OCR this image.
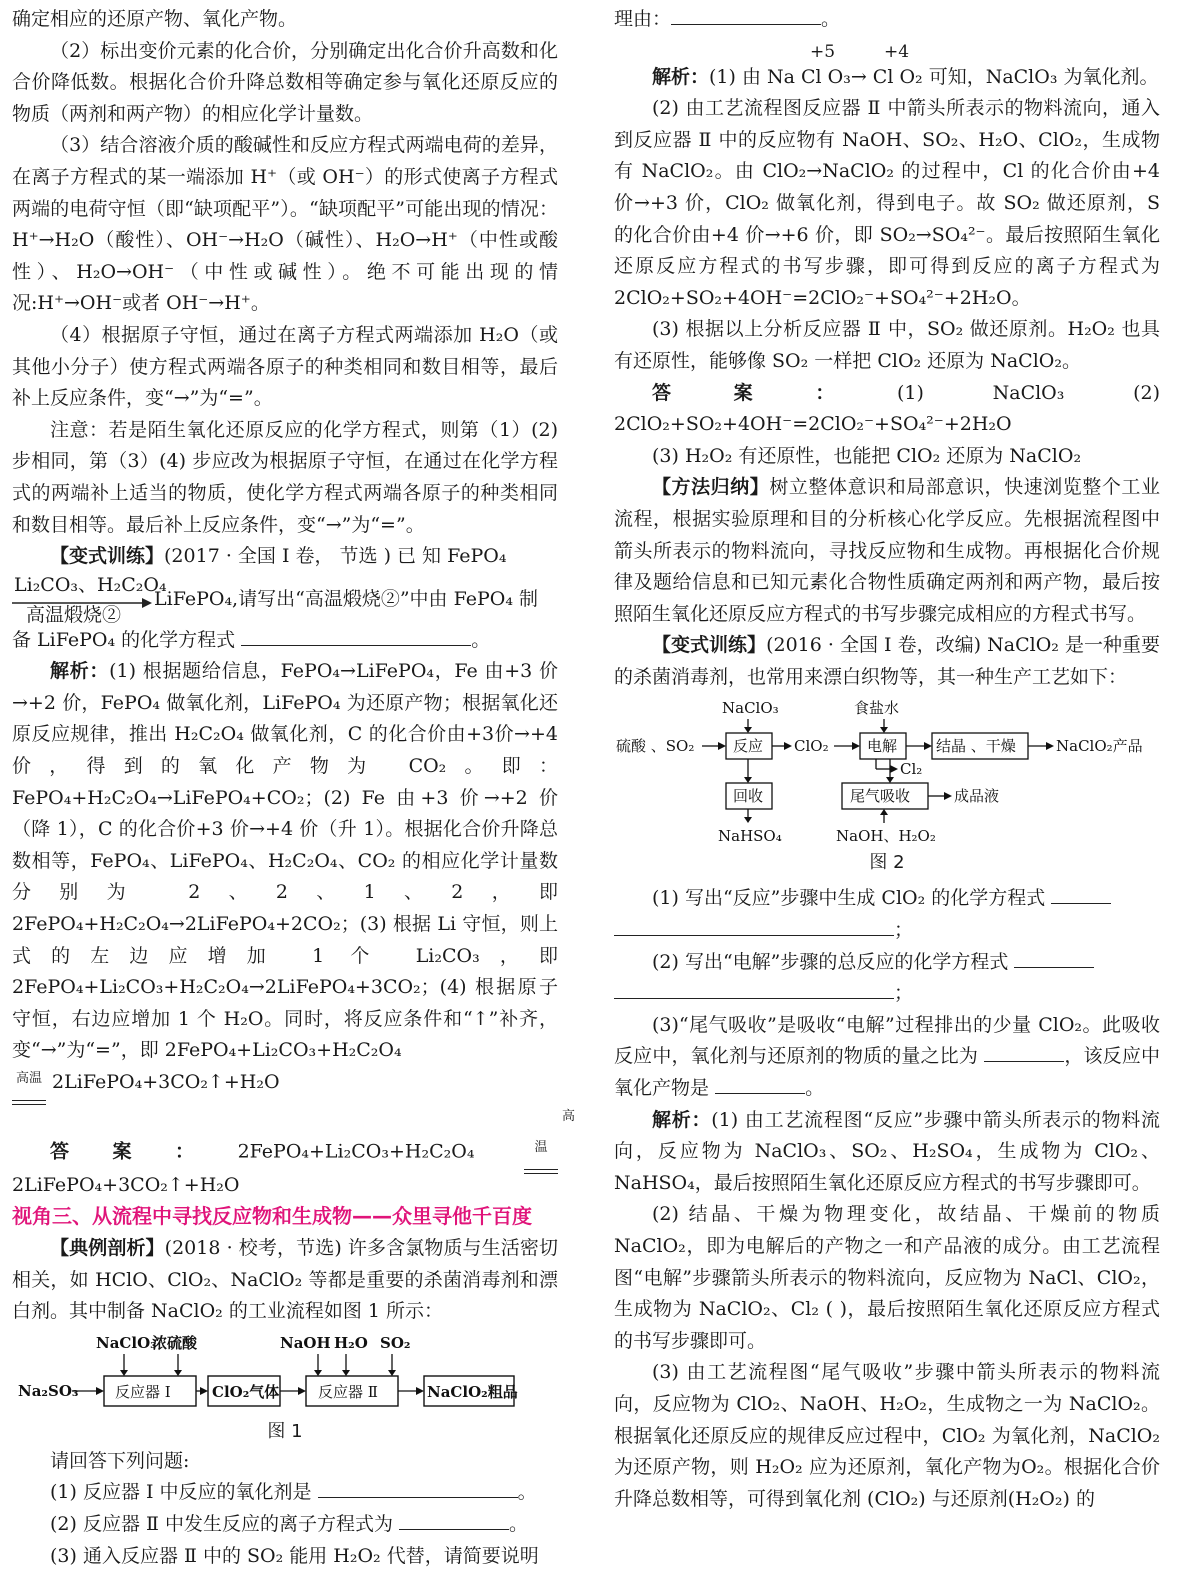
确定相应的还原产物、氧化产物。

（2）标出变价元素的化合价，分别确定出化合价升高数和化合价降低数。根据化合价升降总数相等确定参与氧化还原反应的物质（两剂和两产物）的相应化学计量数。

（3）结合溶液介质的酸碱性和反应方程式两端电荷的差异，在离子方程式的某一端添加 H⁺（或 OH⁻）的形式使离子方程式两端的电荷守恒（即“缺项配平”）。“缺项配平”可能出现的情况：H⁺→H₂O（酸性）、OH⁻→H₂O（碱性）、H₂O→H⁺（中性或酸性）、H₂O→OH⁻（中性或碱性）。绝不可能出现的情况:H⁺→OH⁻或者 OH⁻→H⁺。

（4）根据原子守恒，通过在离子方程式两端添加 H₂O（或其他小分子）使方程式两端各原子的种类相同和数目相等，最后补上反应条件，变“→”为“=”。

注意：若是陌生氧化还原反应的化学方程式，则第（1）(2) 步相同，第（3）(4) 步应改为根据原子守恒，在通过在化学方程式的两端补上适当的物质，使化学方程式两端各原子的种类相同和数目相等。最后补上反应条件，变“→”为“=”。

【变式训练】(2017 · 全国 Ⅰ 卷， 节选 ) 已 知 FePO₄

Li₂CO₃、H₂C₂O₄
高温煅烧②
LiFePO₄,请写出“高温煅烧②”中由 FePO₄ 制

备 LiFePO₄ 的化学方程式	。

解析：(1) 根据题给信息，FePO₄→LiFePO₄，Fe 由+3 价→+2 价，FePO₄ 做氧化剂，LiFePO₄ 为还原产物；根据氧化还原反应规律，推出 H₂C₂O₄ 做氧化剂，C 的化合价由+3价→+4 价，得到的氧化产物为 CO₂。即：FePO₄+H₂C₂O₄→LiFePO₄+CO₂；(2) Fe 由+3 价→+2 价（降 1），C 的化合价+3 价→+4 价（升 1）。根据化合价升降总数相等，FePO₄、LiFePO₄、H₂C₂O₄、CO₂ 的相应化学计量数分别为 2、2、1、2，即 2FePO₄+H₂C₂O₄→2LiFePO₄+2CO₂；(3) 根据 Li 守恒，则上式的左边应增加 1 个 Li₂CO₃，即 2FePO₄+Li₂CO₃+H₂C₂O₄→2LiFePO₄+3CO₂；(4) 根据原子守恒，右边应增加 1 个 H₂O。同时，将反应条件和“↑”补齐，变“→”为“=”，即 2FePO₄+Li₂CO₃+H₂C₂O₄

高温 2LiFePO₄+3CO₂↑+H₂O

答案：2FePO₄+Li₂CO₃+H₂C₂O₄ 高温
2LiFePO₄+3CO₂↑+H₂O

视角三、从流程中寻找反应物和生成物——众里寻他千百度

【典例剖析】(2018 · 校考，节选) 许多含氯物质与生活密切相关，如 HClO、ClO₂、NaClO₂ 等都是重要的杀菌消毒剂和漂白剂。其中制备 NaClO₂ 的工业流程如图 1 所示：

Na₂SO₃ 反应器 Ⅰ
NaClO₃
浓硫酸
ClO₂气体	反应器 Ⅱ
NaOH H₂O SO₂
NaClO₂粗品
图 1

请回答下列问题:

(1) 反应器 Ⅰ 中反应的氧化剂是	。

(2) 反应器 Ⅱ 中发生反应的离子方程式为	。

(3) 通入反应器 Ⅱ 中的 SO₂ 能用 H₂O₂ 代替，请简要说明

理由：	。

+5	+4

解析：(1) 由 Na Cl O₃→ Cl O₂ 可知，NaClO₃ 为氧化剂。

(2) 由工艺流程图反应器 Ⅱ 中箭头所表示的物料流向，通入到反应器 Ⅱ 中的反应物有 NaOH、SO₂、H₂O、ClO₂，生成物有 NaClO₂。由 ClO₂→NaClO₂ 的过程中，Cl 的化合价由+4 价→+3 价，ClO₂ 做氧化剂，得到电子。故 SO₂ 做还原剂，S 的化合价由+4 价→+6 价，即 SO₂→SO₄²⁻。最后按照陌生氧化还原反应方程式的书写步骤，即可得到反应的离子方程式为 2ClO₂+SO₂+4OH⁻=2ClO₂⁻+SO₄²⁻+2H₂O。

(3) 根据以上分析反应器 Ⅱ 中，SO₂ 做还原剂。H₂O₂ 也具有还原性，能够像 SO₂ 一样把 ClO₂ 还原为 NaClO₂。

答案：(1) NaClO₃ (2) 2ClO₂+SO₂+4OH⁻=2ClO₂⁻+SO₄²⁻+2H₂O

(3) H₂O₂ 有还原性，也能把 ClO₂ 还原为 NaClO₂

【方法归纳】树立整体意识和局部意识，快速浏览整个工业流程，根据实验原理和目的分析核心化学反应。先根据流程图中箭头所表示的物料流向，寻找反应物和生成物。再根据化合价规律及题给信息和已知元素化合物性质确定两剂和两产物，最后按照陌生氧化还原反应方程式的书写步骤完成相应的方程式书写。

【变式训练】(2016 · 全国 Ⅰ 卷，改编) NaClO₂ 是一种重要的杀菌消毒剂，也常用来漂白织物等，其一种生产工艺如下：

硫酸 、SO₂
NaClO₃
反应 ClO₂
食盐水
电解	结晶 、干燥	NaClO₂产品
Cl₂
回收
NaHSO₄
尾气吸收	成品液
NaOH、H₂O₂
图 2

(1) 写出“反应”步骤中生成 ClO₂ 的化学方程式

；

(2) 写出“电解”步骤的总反应的化学方程式

；

(3)“尾气吸收”是吸收“电解”过程排出的少量 ClO₂。此吸收反应中，氧化剂与还原剂的物质的量之比为	，该反应中氧化产物是	。

解析：(1) 由工艺流程图“反应”步骤中箭头所表示的物料流向，反应物为 NaClO₃、SO₂、H₂SO₄，生成物为 ClO₂、NaHSO₄，最后按照陌生氧化还原反应方程式的书写步骤即可。

(2) 结晶、干燥为物理变化，故结晶、干燥前的物质 NaClO₂，即为电解后的产物之一和产品液的成分。由工艺流程图“电解”步骤箭头所表示的物料流向，反应物为 NaCl、ClO₂，生成物为 NaClO₂、Cl₂ ( )，最后按照陌生氧化还原反应方程式的书写步骤即可。

(3) 由工艺流程图“尾气吸收”步骤中箭头所表示的物料流向，反应物为 ClO₂、NaOH、H₂O₂，生成物之一为 NaClO₂。根据氧化还原反应的规律反应过程中，ClO₂ 为氧化剂，NaClO₂ 为还原产物，则 H₂O₂ 应为还原剂，氧化产物为O₂。根据化合价升降总数相等，可得到氧化剂 (ClO₂) 与还原剂(H₂O₂) 的
